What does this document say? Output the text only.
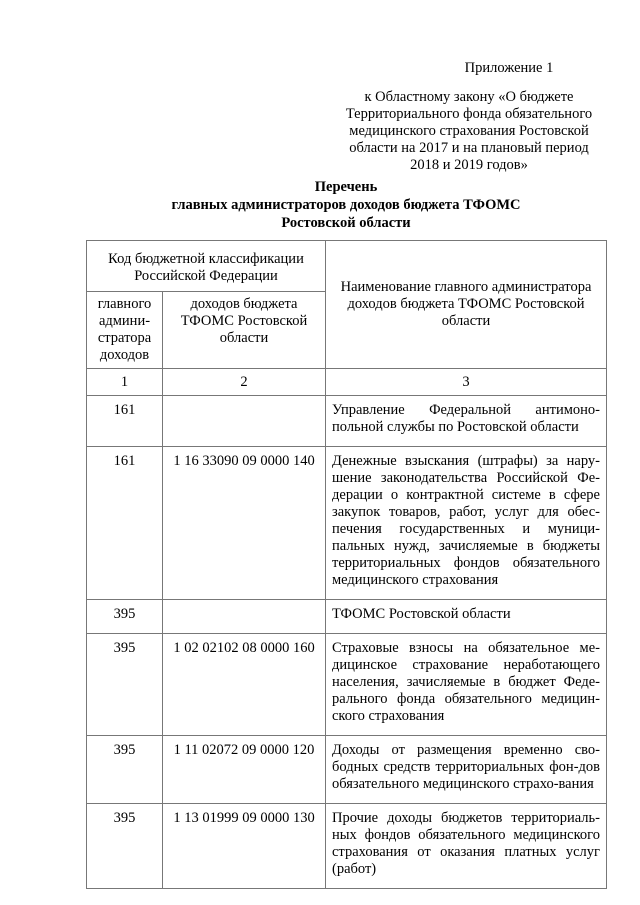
Приложение 1
к Областному закону «О бюджете Территориального фонда обязательного медицинского страхования Ростовской области на 2017 и на плановый период 2018 и 2019 годов»
Перечень
главных администраторов доходов бюджета ТФОМС
Ростовской области
Код бюджетной классификации Российской Федерации		Наименование главного администратора доходов бюджета ТФОМС Ростовской области
главного админи-стратора доходов	доходов бюджета ТФОМС Ростовской области	
1	2	3
161		Управление Федеральной антимоно-польной службы по Ростовской области
161	1 16 33090 09 0000 140	Денежные взыскания (штрафы) за нару-шение законодательства Российской Фе-дерации о контрактной системе в сфере закупок товаров, работ, услуг для обес-печения государственных и муници-пальных нужд, зачисляемые в бюджеты территориальных фондов обязательного медицинского страхования
395		ТФОМС Ростовской области
395	1 02 02102 08 0000 160	Страховые взносы на обязательное ме-дицинское страхование неработающего населения, зачисляемые в бюджет Феде-рального фонда обязательного медицин-ского страхования
395	1 11 02072 09 0000 120	Доходы от размещения временно сво-бодных средств территориальных фон-дов обязательного медицинского страхо-вания
395	1 13 01999 09 0000 130	Прочие доходы бюджетов территориаль-ных фондов обязательного медицинского страхования от оказания платных услуг (работ)
